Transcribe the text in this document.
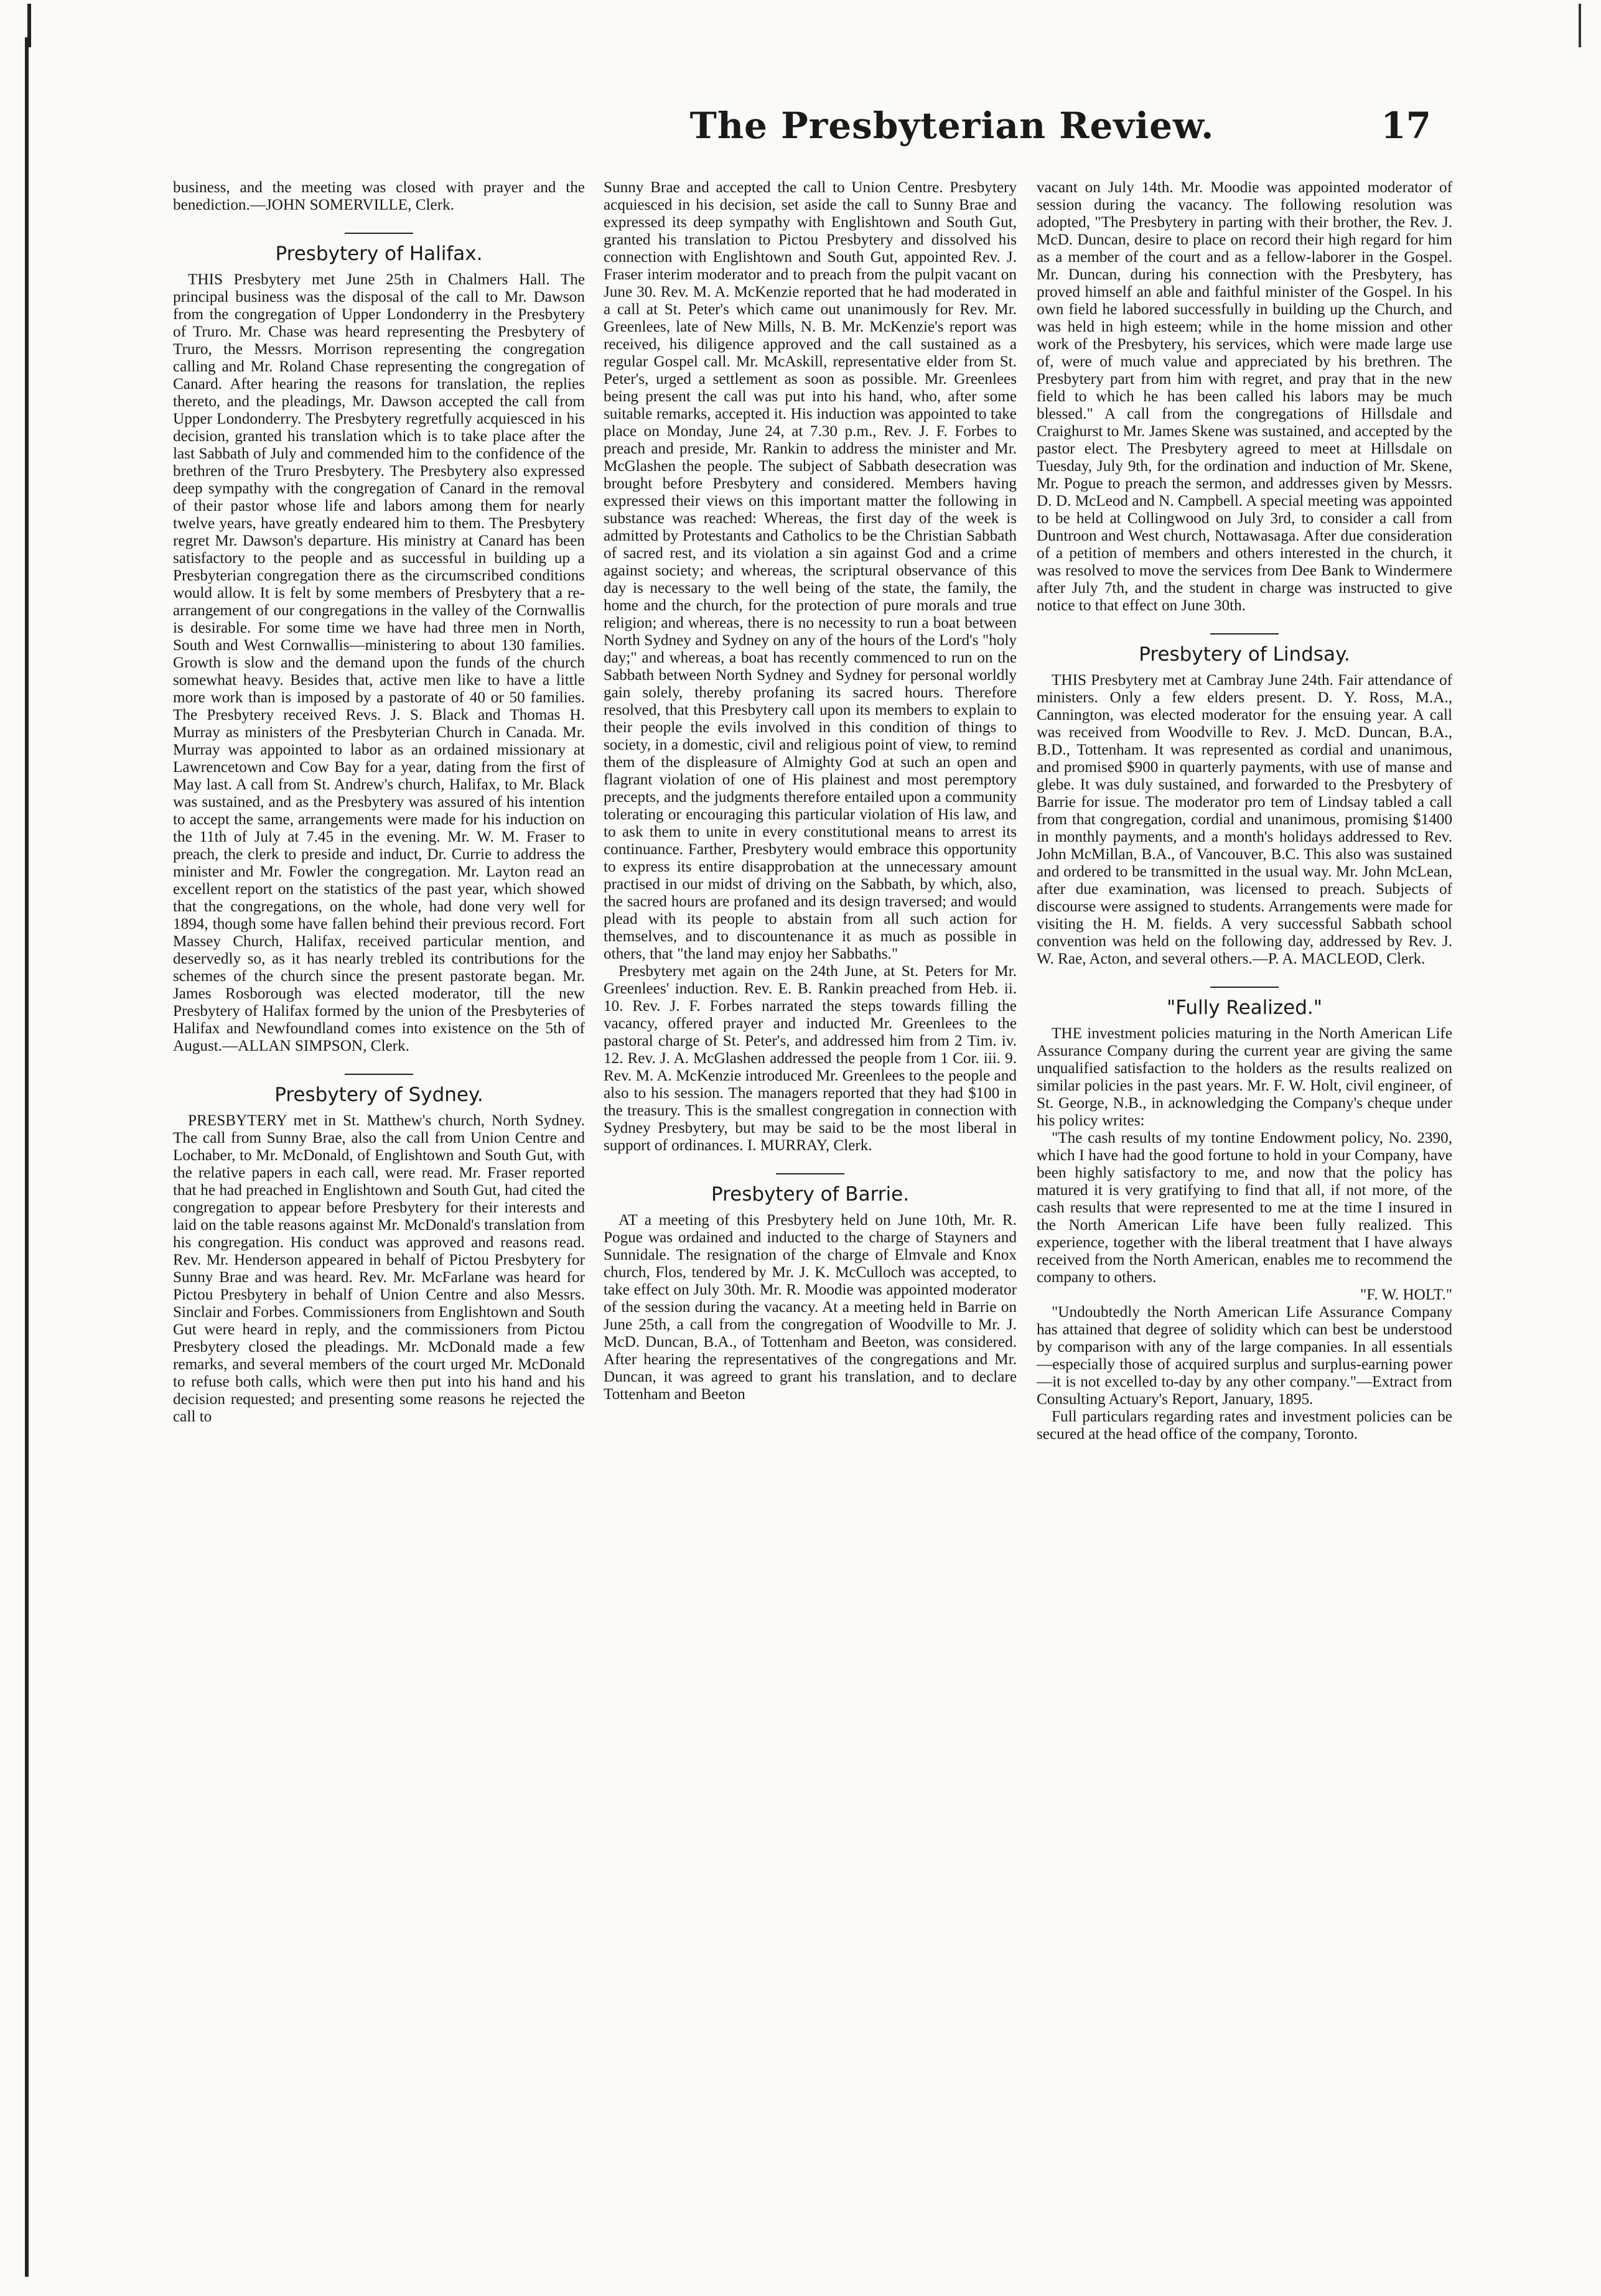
The Presbyterian Review.	17

business, and the meeting was closed with prayer and the benediction.—JOHN SOMERVILLE, Clerk.

Presbytery of Halifax.

THIS Presbytery met June 25th in Chalmers Hall. The principal business was the disposal of the call to Mr. Dawson from the congregation of Upper Londonderry in the Presbytery of Truro. Mr. Chase was heard representing the Presbytery of Truro, the Messrs. Morrison representing the congregation calling and Mr. Roland Chase representing the congregation of Canard. After hearing the reasons for translation, the replies thereto, and the pleadings, Mr. Dawson accepted the call from Upper Londonderry. The Presbytery regretfully acquiesced in his decision, granted his translation which is to take place after the last Sabbath of July and commended him to the confidence of the brethren of the Truro Presbytery. The Presbytery also expressed deep sympathy with the congregation of Canard in the removal of their pastor whose life and labors among them for nearly twelve years, have greatly endeared him to them. The Presbytery regret Mr. Dawson's departure. His ministry at Canard has been satisfactory to the people and as successful in building up a Presbyterian congregation there as the circumscribed conditions would allow. It is felt by some members of Presbytery that a re-arrangement of our congregations in the valley of the Cornwallis is desirable. For some time we have had three men in North, South and West Cornwallis—ministering to about 130 families. Growth is slow and the demand upon the funds of the church somewhat heavy. Besides that, active men like to have a little more work than is imposed by a pastorate of 40 or 50 families. The Presbytery received Revs. J. S. Black and Thomas H. Murray as ministers of the Presbyterian Church in Canada. Mr. Murray was appointed to labor as an ordained missionary at Lawrencetown and Cow Bay for a year, dating from the first of May last. A call from St. Andrew's church, Halifax, to Mr. Black was sustained, and as the Presbytery was assured of his intention to accept the same, arrangements were made for his induction on the 11th of July at 7.45 in the evening. Mr. W. M. Fraser to preach, the clerk to preside and induct, Dr. Currie to address the minister and Mr. Fowler the congregation. Mr. Layton read an excellent report on the statistics of the past year, which showed that the congregations, on the whole, had done very well for 1894, though some have fallen behind their previous record. Fort Massey Church, Halifax, received particular mention, and deservedly so, as it has nearly trebled its contributions for the schemes of the church since the present pastorate began. Mr. James Rosborough was elected moderator, till the new Presbytery of Halifax formed by the union of the Presbyteries of Halifax and Newfoundland comes into existence on the 5th of August.—ALLAN SIMPSON, Clerk.

Presbytery of Sydney.

PRESBYTERY met in St. Matthew's church, North Sydney. The call from Sunny Brae, also the call from Union Centre and Lochaber, to Mr. McDonald, of Englishtown and South Gut, with the relative papers in each call, were read. Mr. Fraser reported that he had preached in Englishtown and South Gut, had cited the congregation to appear before Presbytery for their interests and laid on the table reasons against Mr. McDonald's translation from his congregation. His conduct was approved and reasons read. Rev. Mr. Henderson appeared in behalf of Pictou Presbytery for Sunny Brae and was heard. Rev. Mr. McFarlane was heard for Pictou Presbytery in behalf of Union Centre and also Messrs. Sinclair and Forbes. Commissioners from Englishtown and South Gut were heard in reply, and the commissioners from Pictou Presbytery closed the pleadings. Mr. McDonald made a few remarks, and several members of the court urged Mr. McDonald to refuse both calls, which were then put into his hand and his decision requested; and presenting some reasons he rejected the call to

Sunny Brae and accepted the call to Union Centre. Presbytery acquiesced in his decision, set aside the call to Sunny Brae and expressed its deep sympathy with Englishtown and South Gut, granted his translation to Pictou Presbytery and dissolved his connection with Englishtown and South Gut, appointed Rev. J. Fraser interim moderator and to preach from the pulpit vacant on June 30. Rev. M. A. McKenzie reported that he had moderated in a call at St. Peter's which came out unanimously for Rev. Mr. Greenlees, late of New Mills, N. B. Mr. McKenzie's report was received, his diligence approved and the call sustained as a regular Gospel call. Mr. McAskill, representative elder from St. Peter's, urged a settlement as soon as possible. Mr. Greenlees being present the call was put into his hand, who, after some suitable remarks, accepted it. His induction was appointed to take place on Monday, June 24, at 7.30 p.m., Rev. J. F. Forbes to preach and preside, Mr. Rankin to address the minister and Mr. McGlashen the people. The subject of Sabbath desecration was brought before Presbytery and considered. Members having expressed their views on this important matter the following in substance was reached: Whereas, the first day of the week is admitted by Protestants and Catholics to be the Christian Sabbath of sacred rest, and its violation a sin against God and a crime against society; and whereas, the scriptural observance of this day is necessary to the well being of the state, the family, the home and the church, for the protection of pure morals and true religion; and whereas, there is no necessity to run a boat between North Sydney and Sydney on any of the hours of the Lord's "holy day;" and whereas, a boat has recently commenced to run on the Sabbath between North Sydney and Sydney for personal worldly gain solely, thereby profaning its sacred hours. Therefore resolved, that this Presbytery call upon its members to explain to their people the evils involved in this condition of things to society, in a domestic, civil and religious point of view, to remind them of the displeasure of Almighty God at such an open and flagrant violation of one of His plainest and most peremptory precepts, and the judgments therefore entailed upon a community tolerating or encouraging this particular violation of His law, and to ask them to unite in every constitutional means to arrest its continuance. Farther, Presbytery would embrace this opportunity to express its entire disapprobation at the unnecessary amount practised in our midst of driving on the Sabbath, by which, also, the sacred hours are profaned and its design traversed; and would plead with its people to abstain from all such action for themselves, and to discountenance it as much as possible in others, that "the land may enjoy her Sabbaths."

Presbytery met again on the 24th June, at St. Peters for Mr. Greenlees' induction. Rev. E. B. Rankin preached from Heb. ii. 10. Rev. J. F. Forbes narrated the steps towards filling the vacancy, offered prayer and inducted Mr. Greenlees to the pastoral charge of St. Peter's, and addressed him from 2 Tim. iv. 12. Rev. J. A. McGlashen addressed the people from 1 Cor. iii. 9. Rev. M. A. McKenzie introduced Mr. Greenlees to the people and also to his session. The managers reported that they had $100 in the treasury. This is the smallest congregation in connection with Sydney Presbytery, but may be said to be the most liberal in support of ordinances. I. MURRAY, Clerk.

Presbytery of Barrie.

AT a meeting of this Presbytery held on June 10th, Mr. R. Pogue was ordained and inducted to the charge of Stayners and Sunnidale. The resignation of the charge of Elmvale and Knox church, Flos, tendered by Mr. J. K. McCulloch was accepted, to take effect on July 30th. Mr. R. Moodie was appointed moderator of the session during the vacancy. At a meeting held in Barrie on June 25th, a call from the congregation of Woodville to Mr. J. McD. Duncan, B.A., of Tottenham and Beeton, was considered. After hearing the representatives of the congregations and Mr. Duncan, it was agreed to grant his translation, and to declare Tottenham and Beeton

vacant on July 14th. Mr. Moodie was appointed moderator of session during the vacancy. The following resolution was adopted, "The Presbytery in parting with their brother, the Rev. J. McD. Duncan, desire to place on record their high regard for him as a member of the court and as a fellow-laborer in the Gospel. Mr. Duncan, during his connection with the Presbytery, has proved himself an able and faithful minister of the Gospel. In his own field he labored successfully in building up the Church, and was held in high esteem; while in the home mission and other work of the Presbytery, his services, which were made large use of, were of much value and appreciated by his brethren. The Presbytery part from him with regret, and pray that in the new field to which he has been called his labors may be much blessed." A call from the congregations of Hillsdale and Craighurst to Mr. James Skene was sustained, and accepted by the pastor elect. The Presbytery agreed to meet at Hillsdale on Tuesday, July 9th, for the ordination and induction of Mr. Skene, Mr. Pogue to preach the sermon, and addresses given by Messrs. D. D. McLeod and N. Campbell. A special meeting was appointed to be held at Collingwood on July 3rd, to consider a call from Duntroon and West church, Nottawasaga. After due consideration of a petition of members and others interested in the church, it was resolved to move the services from Dee Bank to Windermere after July 7th, and the student in charge was instructed to give notice to that effect on June 30th.

Presbytery of Lindsay.

THIS Presbytery met at Cambray June 24th. Fair attendance of ministers. Only a few elders present. D. Y. Ross, M.A., Cannington, was elected moderator for the ensuing year. A call was received from Woodville to Rev. J. McD. Duncan, B.A., B.D., Tottenham. It was represented as cordial and unanimous, and promised $900 in quarterly payments, with use of manse and glebe. It was duly sustained, and forwarded to the Presbytery of Barrie for issue. The moderator pro tem of Lindsay tabled a call from that congregation, cordial and unanimous, promising $1400 in monthly payments, and a month's holidays addressed to Rev. John McMillan, B.A., of Vancouver, B.C. This also was sustained and ordered to be transmitted in the usual way. Mr. John McLean, after due examination, was licensed to preach. Subjects of discourse were assigned to students. Arrangements were made for visiting the H. M. fields. A very successful Sabbath school convention was held on the following day, addressed by Rev. J. W. Rae, Acton, and several others.—P. A. MACLEOD, Clerk.

"Fully Realized."

THE investment policies maturing in the North American Life Assurance Company during the current year are giving the same unqualified satisfaction to the holders as the results realized on similar policies in the past years. Mr. F. W. Holt, civil engineer, of St. George, N.B., in acknowledging the Company's cheque under his policy writes:

"The cash results of my tontine Endowment policy, No. 2390, which I have had the good fortune to hold in your Company, have been highly satisfactory to me, and now that the policy has matured it is very gratifying to find that all, if not more, of the cash results that were represented to me at the time I insured in the North American Life have been fully realized. This experience, together with the liberal treatment that I have always received from the North American, enables me to recommend the company to others.

"F. W. HOLT."

"Undoubtedly the North American Life Assurance Company has attained that degree of solidity which can best be understood by comparison with any of the large companies. In all essentials—especially those of acquired surplus and surplus-earning power—it is not excelled to-day by any other company."—Extract from Consulting Actuary's Report, January, 1895.

Full particulars regarding rates and investment policies can be secured at the head office of the company, Toronto.
